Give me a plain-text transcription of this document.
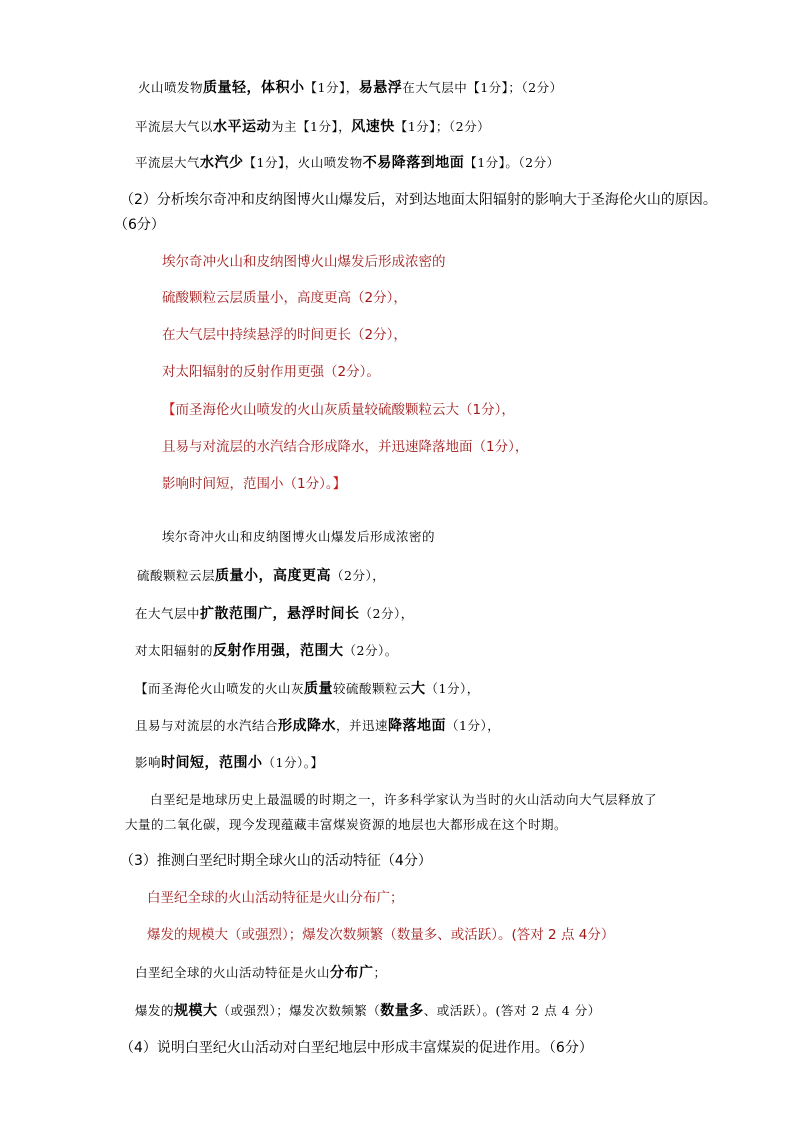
火山喷发物质量轻，体积小【1分】，易悬浮在大气层中【1分】；（2分）
平流层大气以水平运动为主【1分】，风速快【1分】；（2分）
平流层大气水汽少【1分】，火山喷发物不易降落到地面【1分】。（2分）
（2）分析埃尔奇冲和皮纳图博火山爆发后，对到达地面太阳辐射的影响大于圣海伦火山的原因。
（6分）
埃尔奇冲火山和皮纳图博火山爆发后形成浓密的
硫酸颗粒云层质量小，高度更高（2分），
在大气层中持续悬浮的时间更长（2分），
对太阳辐射的反射作用更强（2分）。
【而圣海伦火山喷发的火山灰质量较硫酸颗粒云大（1分），
且易与对流层的水汽结合形成降水，并迅速降落地面（1分），
影响时间短，范围小（1分）。】
埃尔奇冲火山和皮纳图博火山爆发后形成浓密的
硫酸颗粒云层质量小，高度更高（2分），
在大气层中扩散范围广，悬浮时间长（2分），
对太阳辐射的反射作用强，范围大（2分）。
【而圣海伦火山喷发的火山灰质量较硫酸颗粒云大（1分），
且易与对流层的水汽结合形成降水，并迅速降落地面（1分），
影响时间短，范围小（1分）。】
白垩纪是地球历史上最温暖的时期之一，许多科学家认为当时的火山活动向大气层释放了
大量的二氧化碳，现今发现蕴藏丰富煤炭资源的地层也大都形成在这个时期。
（3）推测白垩纪时期全球火山的活动特征（4分）
白垩纪全球的火山活动特征是火山分布广；
爆发的规模大（或强烈）；爆发次数频繁（数量多、或活跃）。(答对 2 点 4分）
白垩纪全球的火山活动特征是火山分布广；
爆发的规模大（或强烈）；爆发次数频繁（数量多、或活跃）。(答对 2 点 4 分）
（4）说明白垩纪火山活动对白垩纪地层中形成丰富煤炭的促进作用。（6分）
